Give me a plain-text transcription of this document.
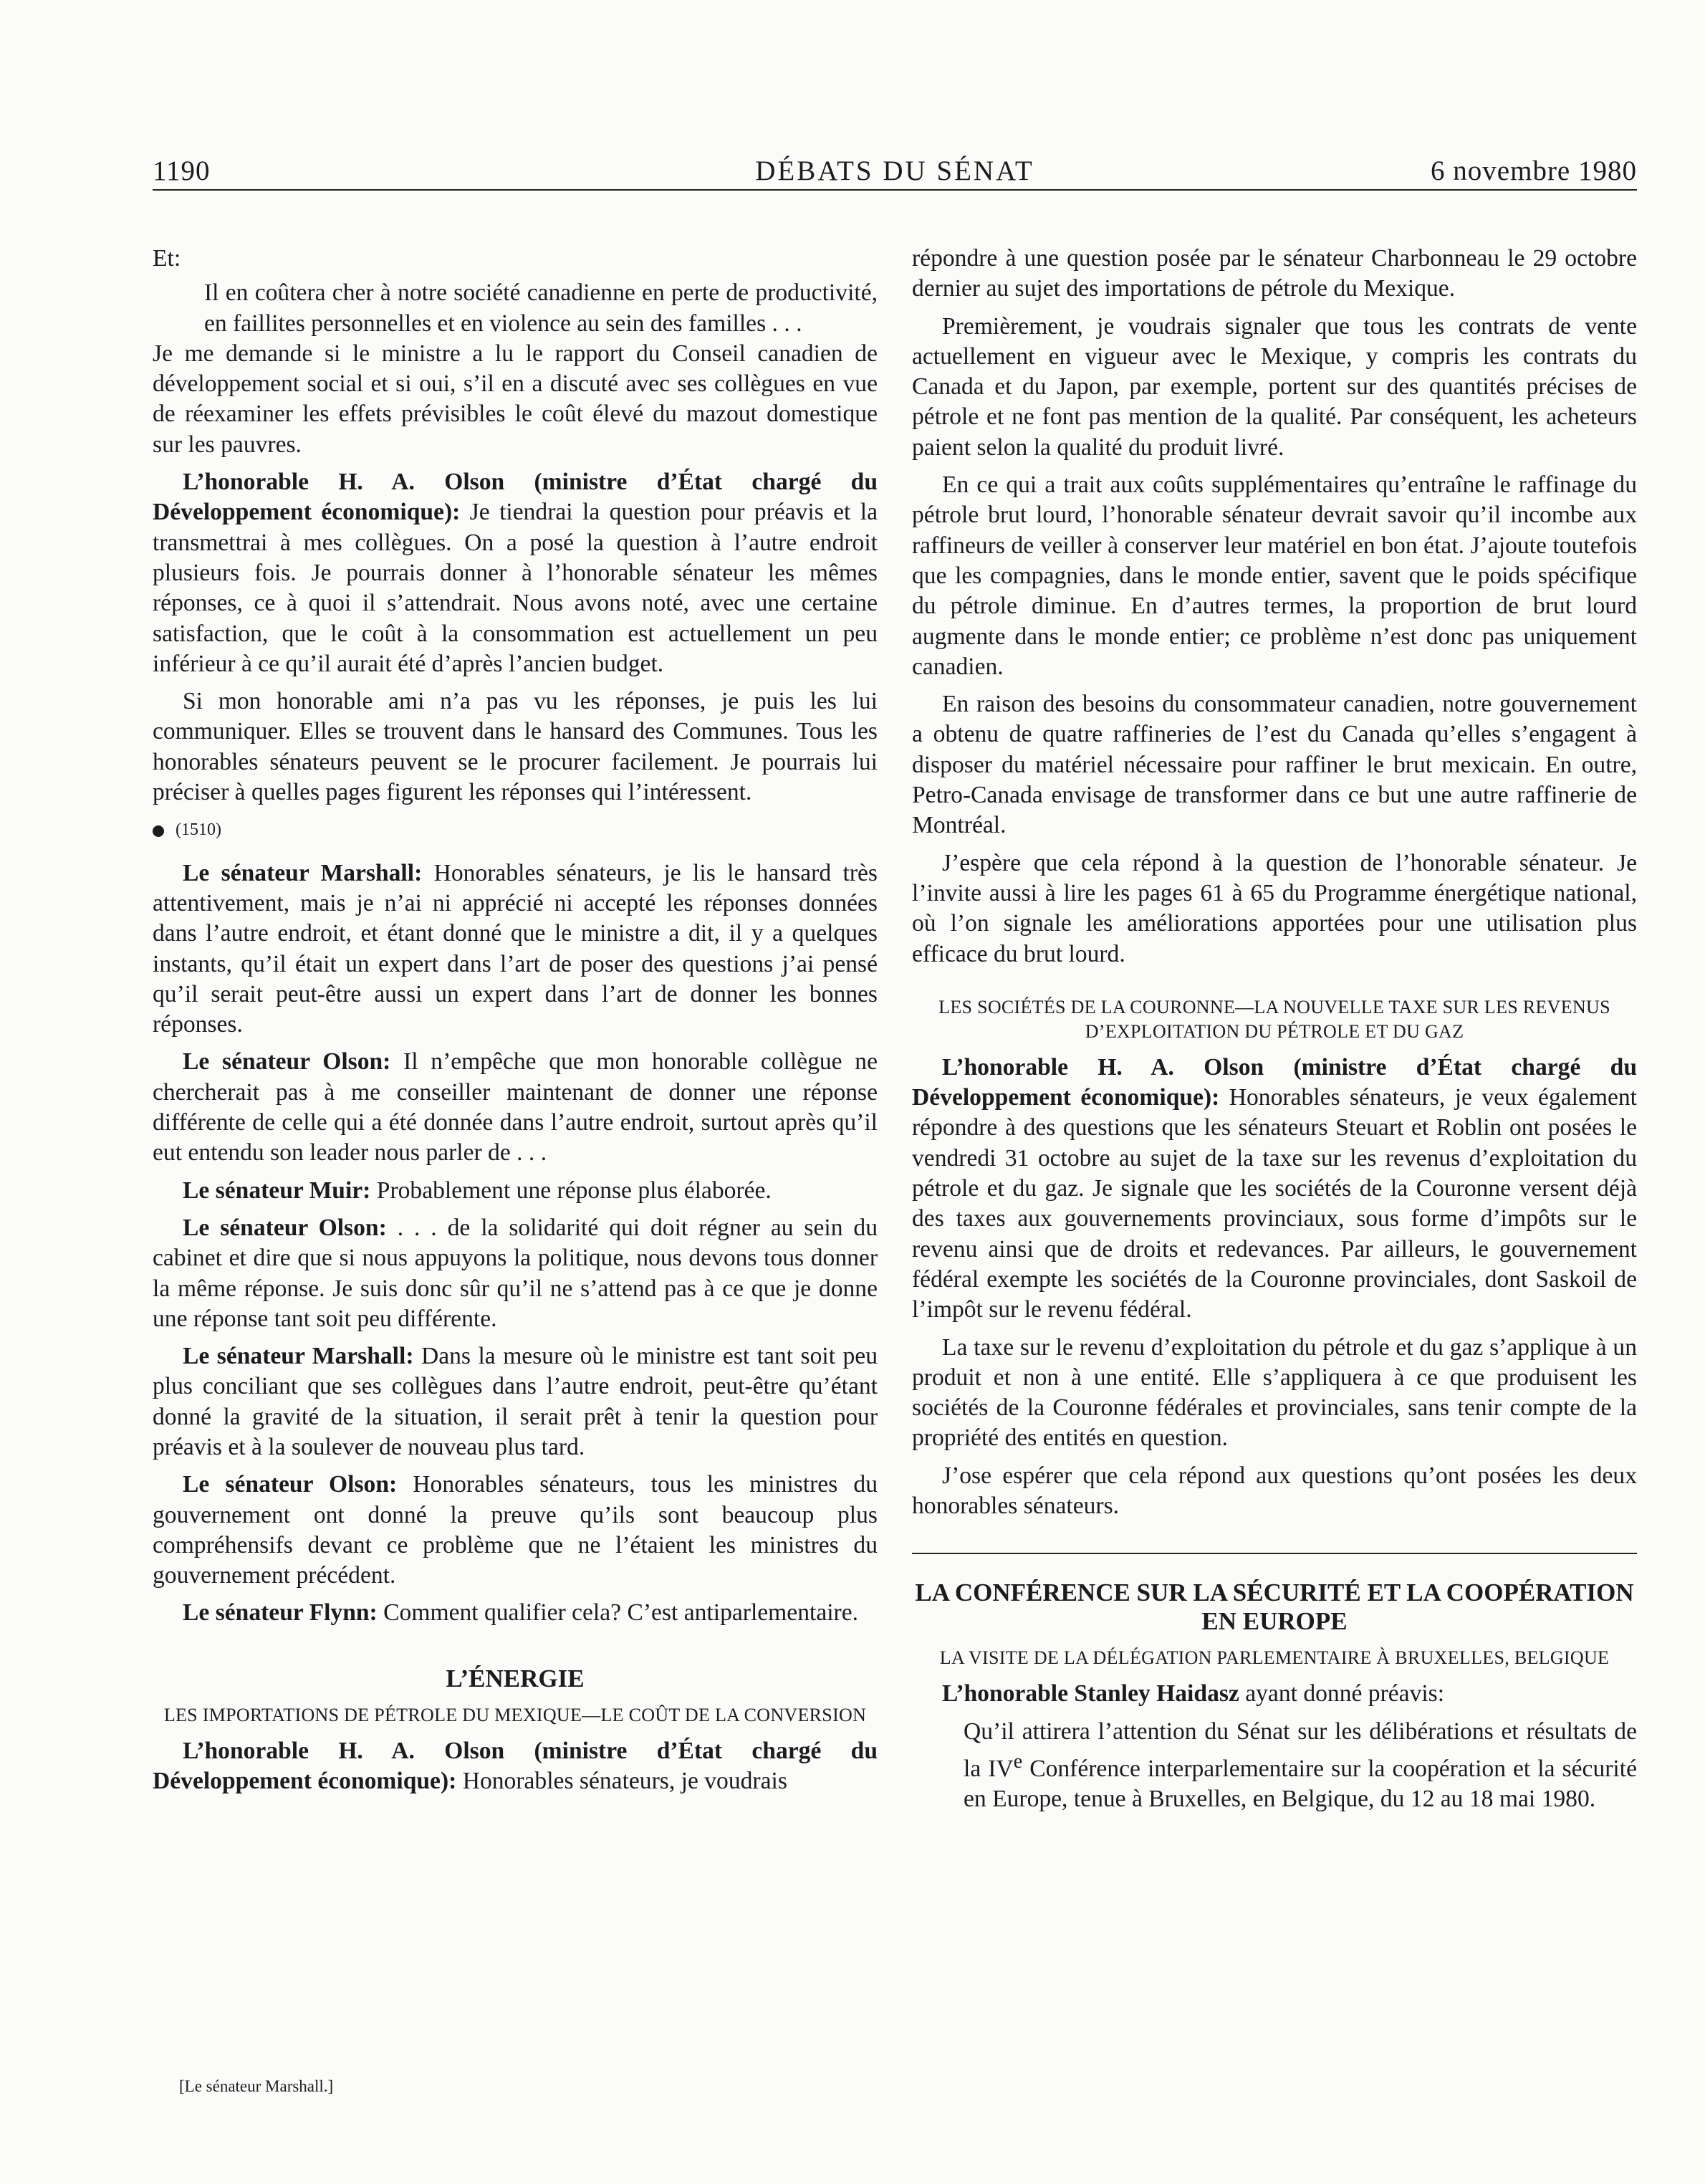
1190	DÉBATS DU SÉNAT	6 novembre 1980

Et:

Il en coûtera cher à notre société canadienne en perte de productivité, en faillites personnelles et en violence au sein des familles . . .

Je me demande si le ministre a lu le rapport du Conseil canadien de développement social et si oui, s’il en a discuté avec ses collègues en vue de réexaminer les effets prévisibles le coût élevé du mazout domestique sur les pauvres.

L’honorable H. A. Olson (ministre d’État chargé du Développement économique): Je tiendrai la question pour préavis et la transmettrai à mes collègues. On a posé la question à l’autre endroit plusieurs fois. Je pourrais donner à l’honorable sénateur les mêmes réponses, ce à quoi il s’attendrait. Nous avons noté, avec une certaine satisfaction, que le coût à la consommation est actuellement un peu inférieur à ce qu’il aurait été d’après l’ancien budget.

Si mon honorable ami n’a pas vu les réponses, je puis les lui communiquer. Elles se trouvent dans le hansard des Communes. Tous les honorables sénateurs peuvent se le procurer facilement. Je pourrais lui préciser à quelles pages figurent les réponses qui l’intéressent.

(1510)

Le sénateur Marshall: Honorables sénateurs, je lis le hansard très attentivement, mais je n’ai ni apprécié ni accepté les réponses données dans l’autre endroit, et étant donné que le ministre a dit, il y a quelques instants, qu’il était un expert dans l’art de poser des questions j’ai pensé qu’il serait peut-être aussi un expert dans l’art de donner les bonnes réponses.

Le sénateur Olson: Il n’empêche que mon honorable collègue ne chercherait pas à me conseiller maintenant de donner une réponse différente de celle qui a été donnée dans l’autre endroit, surtout après qu’il eut entendu son leader nous parler de . . .

Le sénateur Muir: Probablement une réponse plus élaborée.

Le sénateur Olson: . . . de la solidarité qui doit régner au sein du cabinet et dire que si nous appuyons la politique, nous devons tous donner la même réponse. Je suis donc sûr qu’il ne s’attend pas à ce que je donne une réponse tant soit peu différente.

Le sénateur Marshall: Dans la mesure où le ministre est tant soit peu plus conciliant que ses collègues dans l’autre endroit, peut-être qu’étant donné la gravité de la situation, il serait prêt à tenir la question pour préavis et à la soulever de nouveau plus tard.

Le sénateur Olson: Honorables sénateurs, tous les ministres du gouvernement ont donné la preuve qu’ils sont beaucoup plus compréhensifs devant ce problème que ne l’étaient les ministres du gouvernement précédent.

Le sénateur Flynn: Comment qualifier cela? C’est antiparlementaire.

L’ÉNERGIE
LES IMPORTATIONS DE PÉTROLE DU MEXIQUE—LE COÛT DE LA CONVERSION

L’honorable H. A. Olson (ministre d’État chargé du Développement économique): Honorables sénateurs, je voudrais

répondre à une question posée par le sénateur Charbonneau le 29 octobre dernier au sujet des importations de pétrole du Mexique.

Premièrement, je voudrais signaler que tous les contrats de vente actuellement en vigueur avec le Mexique, y compris les contrats du Canada et du Japon, par exemple, portent sur des quantités précises de pétrole et ne font pas mention de la qualité. Par conséquent, les acheteurs paient selon la qualité du produit livré.

En ce qui a trait aux coûts supplémentaires qu’entraîne le raffinage du pétrole brut lourd, l’honorable sénateur devrait savoir qu’il incombe aux raffineurs de veiller à conserver leur matériel en bon état. J’ajoute toutefois que les compagnies, dans le monde entier, savent que le poids spécifique du pétrole diminue. En d’autres termes, la proportion de brut lourd augmente dans le monde entier; ce problème n’est donc pas uniquement canadien.

En raison des besoins du consommateur canadien, notre gouvernement a obtenu de quatre raffineries de l’est du Canada qu’elles s’engagent à disposer du matériel nécessaire pour raffiner le brut mexicain. En outre, Petro-Canada envisage de transformer dans ce but une autre raffinerie de Montréal.

J’espère que cela répond à la question de l’honorable sénateur. Je l’invite aussi à lire les pages 61 à 65 du Programme énergétique national, où l’on signale les améliorations apportées pour une utilisation plus efficace du brut lourd.

LES SOCIÉTÉS DE LA COURONNE—LA NOUVELLE TAXE SUR LES REVENUS D’EXPLOITATION DU PÉTROLE ET DU GAZ

L’honorable H. A. Olson (ministre d’État chargé du Développement économique): Honorables sénateurs, je veux également répondre à des questions que les sénateurs Steuart et Roblin ont posées le vendredi 31 octobre au sujet de la taxe sur les revenus d’exploitation du pétrole et du gaz. Je signale que les sociétés de la Couronne versent déjà des taxes aux gouvernements provinciaux, sous forme d’impôts sur le revenu ainsi que de droits et redevances. Par ailleurs, le gouvernement fédéral exempte les sociétés de la Couronne provinciales, dont Saskoil de l’impôt sur le revenu fédéral.

La taxe sur le revenu d’exploitation du pétrole et du gaz s’applique à un produit et non à une entité. Elle s’appliquera à ce que produisent les sociétés de la Couronne fédérales et provinciales, sans tenir compte de la propriété des entités en question.

J’ose espérer que cela répond aux questions qu’ont posées les deux honorables sénateurs.

LA CONFÉRENCE SUR LA SÉCURITÉ ET LA COOPÉRATION EN EUROPE
LA VISITE DE LA DÉLÉGATION PARLEMENTAIRE À BRUXELLES, BELGIQUE

L’honorable Stanley Haidasz ayant donné préavis:

Qu’il attirera l’attention du Sénat sur les délibérations et résultats de la IVe Conférence interparlementaire sur la coopération et la sécurité en Europe, tenue à Bruxelles, en Belgique, du 12 au 18 mai 1980.

[Le sénateur Marshall.]
